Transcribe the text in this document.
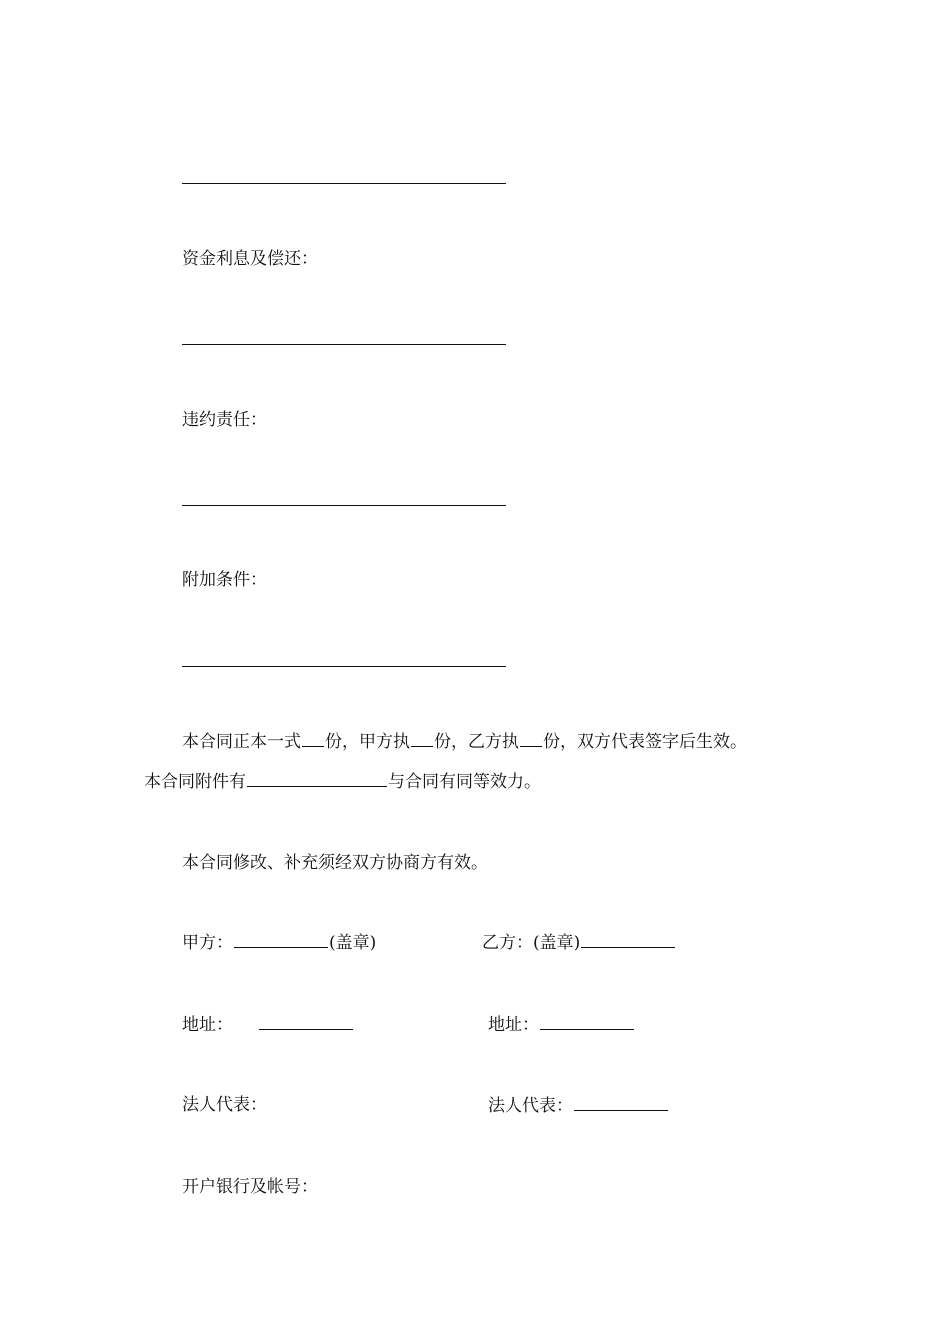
资金利息及偿还：
违约责任：
附加条件：
本合同正本一式 份，甲方执 份，乙方执 份，双方代表签字后生效。
本合同附件有	与合同有同等效力。
本合同修改、补充须经双方协商方有效。
甲方：	(盖章)	乙方：(盖章)
地址：	地址：
法人代表：	法人代表：
开户银行及帐号：
